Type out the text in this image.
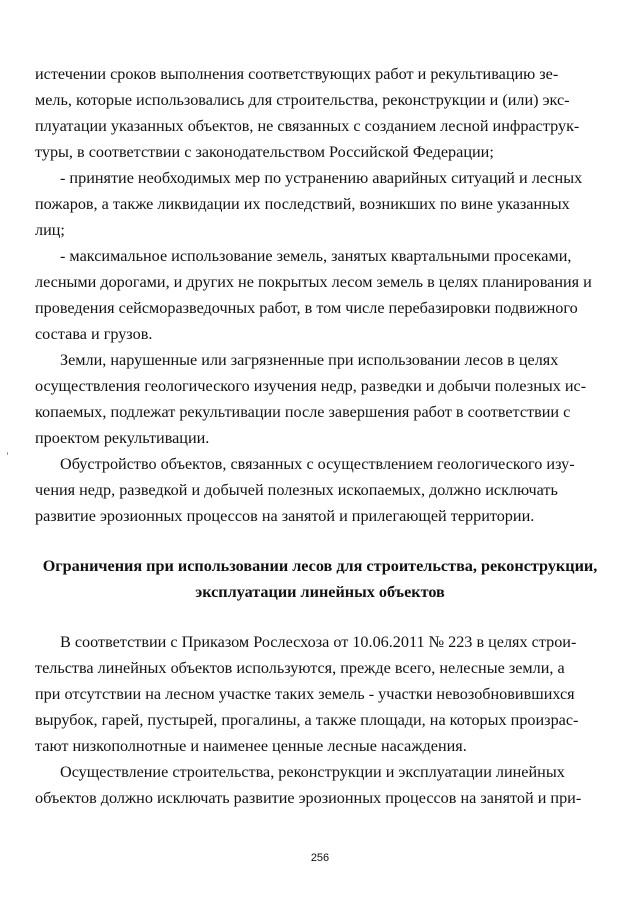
истечении сроков выполнения соответствующих работ и рекультивацию зе-
мель, которые использовались для строительства, реконструкции и (или) экс-
плуатации указанных объектов, не связанных с созданием лесной инфраструк-
туры, в соответствии с законодательством Российской Федерации;
- принятие необходимых мер по устранению аварийных ситуаций и лесных
пожаров, а также ликвидации их последствий, возникших по вине указанных
лиц;
- максимальное использование земель, занятых квартальными просеками,
лесными дорогами, и других не покрытых лесом земель в целях планирования и
проведения сейсморазведочных работ, в том числе перебазировки подвижного
состава и грузов.
Земли, нарушенные или загрязненные при использовании лесов в целях
осуществления геологического изучения недр, разведки и добычи полезных ис-
копаемых, подлежат рекультивации после завершения работ в соответствии с
проектом рекультивации.
Обустройство объектов, связанных с осуществлением геологического изу-
чения недр, разведкой и добычей полезных ископаемых, должно исключать
развитие эрозионных процессов на занятой и прилегающей территории.
Ограничения при использовании лесов для строительства, реконструкции,
эксплуатации линейных объектов
В соответствии с Приказом Рослесхоза от 10.06.2011 № 223 в целях строи-
тельства линейных объектов используются, прежде всего, нелесные земли, а
при отсутствии на лесном участке таких земель - участки невозобновившихся
вырубок, гарей, пустырей, прогалины, а также площади, на которых произрас-
тают низкополнотные и наименее ценные лесные насаждения.
Осуществление строительства, реконструкции и эксплуатации линейных
объектов должно исключать развитие эрозионных процессов на занятой и при-
256
